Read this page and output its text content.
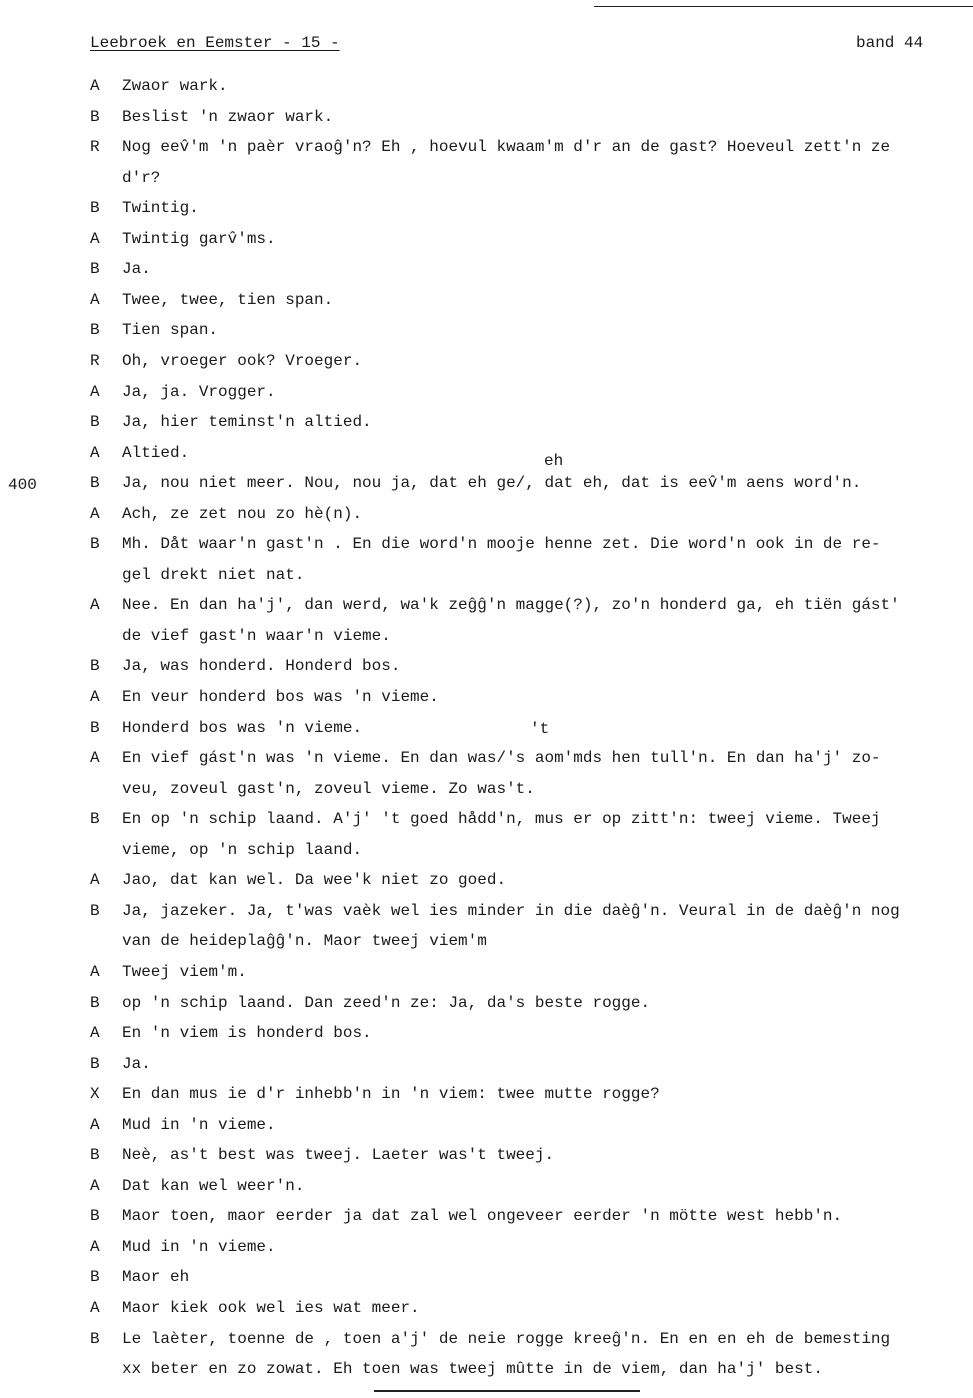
Leebroek en Eemster - 15 -	band 44
400
eh
't
A	Zwaor wark.
B	Beslist 'n zwaor wark.
R	Nog eev̂'m 'n paèr vraoĝ'n? Eh , hoevul kwaam'm d'r an de gast? Hoeveul zett'n ze
d'r?
B	Twintig.
A	Twintig garv̂'ms.
B	Ja.
A	Twee, twee, tien span.
B	Tien span.
R	Oh, vroeger ook? Vroeger.
A	Ja, ja. Vrogger.
B	Ja, hier teminst'n altied.
A	Altied.
B	Ja, nou niet meer. Nou, nou ja, dat eh ge/, dat eh, dat is eev̂'m aens word'n.
A	Ach, ze zet nou zo hè(n).
B	Mh. Dåt waar'n gast'n . En die word'n mooje henne zet. Die word'n ook in de re-
gel drekt niet nat.
A	Nee. En dan ha'j', dan werd, wa'k zeĝĝ'n magge(?), zo'n honderd ga, eh tiën gást'
de vief gast'n waar'n vieme.
B	Ja, was honderd. Honderd bos.
A	En veur honderd bos was 'n vieme.
B	Honderd bos was 'n vieme.
A	En vief gást'n was 'n vieme. En dan was/'s aom'mds hen tull'n. En dan ha'j' zo-
veu, zoveul gast'n, zoveul vieme. Zo was't.
B	En op 'n schip laand. A'j' 't goed hådd'n, mus er op zitt'n: tweej vieme. Tweej
vieme, op 'n schip laand.
A	Jao, dat kan wel. Da wee'k niet zo goed.
B	Ja, jazeker. Ja, t'was vaèk wel ies minder in die daèĝ'n. Veural in de daèĝ'n nog
van de heideplaĝĝ'n. Maor tweej viem'm
A	Tweej viem'm.
B	op 'n schip laand. Dan zeed'n ze: Ja, da's beste rogge.
A	En 'n viem is honderd bos.
B	Ja.
X	En dan mus ie d'r inhebb'n in 'n viem: twee mutte rogge?
A	Mud in 'n vieme.
B	Neè, as't best was tweej. Laeter was't tweej.
A	Dat kan wel weer'n.
B	Maor toen, maor eerder ja dat zal wel ongeveer eerder 'n mötte west hebb'n.
A	Mud in 'n vieme.
B	Maor eh
A	Maor kiek ook wel ies wat meer.
B	Le laèter, toenne de , toen a'j' de neie rogge kreeĝ'n. En en en eh de bemesting
xx beter en zo zowat. Eh toen was tweej mûtte in de viem, dan ha'j' best.
